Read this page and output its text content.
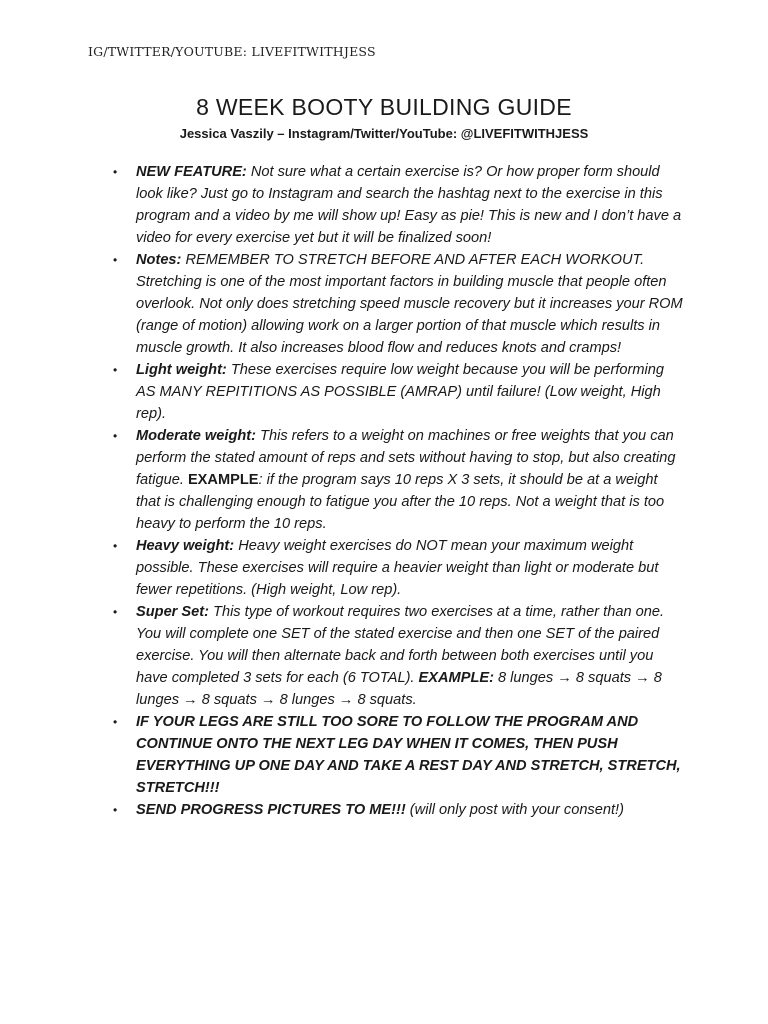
IG/TWITTER/YOUTUBE: LIVEFITWITHJESS
8 WEEK BOOTY BUILDING GUIDE
Jessica Vaszily – Instagram/Twitter/YouTube: @LIVEFITWITHJESS
• NEW FEATURE: Not sure what a certain exercise is? Or how proper form should look like? Just go to Instagram and search the hashtag next to the exercise in this program and a video by me will show up! Easy as pie! This is new and I don’t have a video for every exercise yet but it will be finalized soon!
• Notes: REMEMBER TO STRETCH BEFORE AND AFTER EACH WORKOUT. Stretching is one of the most important factors in building muscle that people often overlook. Not only does stretching speed muscle recovery but it increases your ROM (range of motion) allowing work on a larger portion of that muscle which results in muscle growth. It also increases blood flow and reduces knots and cramps!
• Light weight: These exercises require low weight because you will be performing AS MANY REPITITIONS AS POSSIBLE (AMRAP) until failure! (Low weight, High rep).
• Moderate weight: This refers to a weight on machines or free weights that you can perform the stated amount of reps and sets without having to stop, but also creating fatigue. EXAMPLE: if the program says 10 reps X 3 sets, it should be at a weight that is challenging enough to fatigue you after the 10 reps. Not a weight that is too heavy to perform the 10 reps.
• Heavy weight: Heavy weight exercises do NOT mean your maximum weight possible. These exercises will require a heavier weight than light or moderate but fewer repetitions. (High weight, Low rep).
• Super Set: This type of workout requires two exercises at a time, rather than one. You will complete one SET of the stated exercise and then one SET of the paired exercise. You will then alternate back and forth between both exercises until you have completed 3 sets for each (6 TOTAL). EXAMPLE: 8 lunges → 8 squats → 8 lunges → 8 squats → 8 lunges → 8 squats.
• IF YOUR LEGS ARE STILL TOO SORE TO FOLLOW THE PROGRAM AND CONTINUE ONTO THE NEXT LEG DAY WHEN IT COMES, THEN PUSH EVERYTHING UP ONE DAY AND TAKE A REST DAY AND STRETCH, STRETCH, STRETCH!!!
• SEND PROGRESS PICTURES TO ME!!! (will only post with your consent!)
